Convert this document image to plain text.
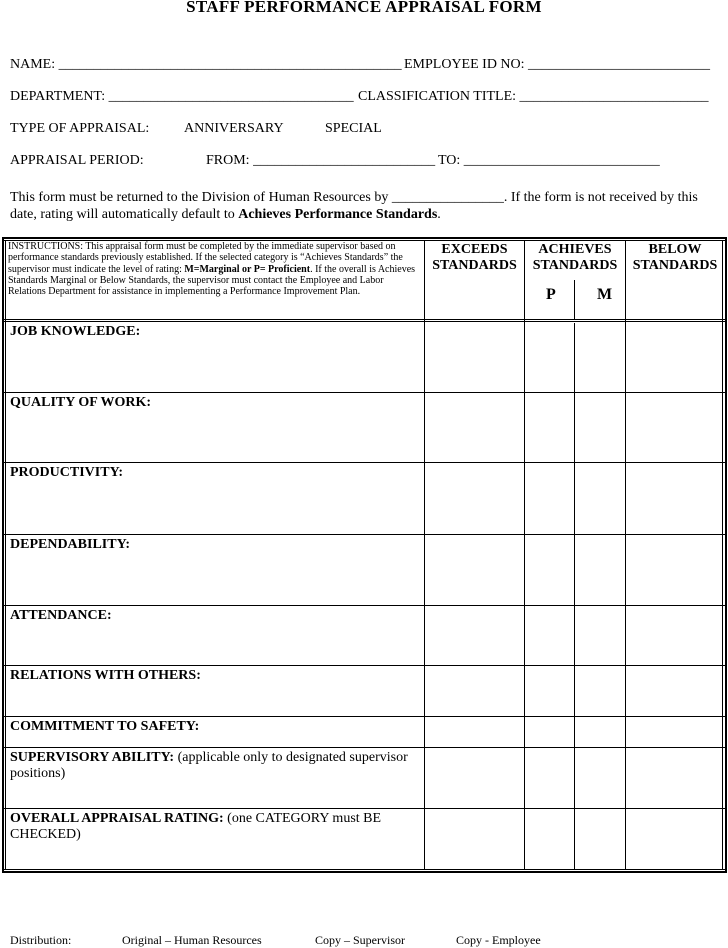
STAFF PERFORMANCE APPRAISAL FORM
NAME: _________________________________________________ EMPLOYEE ID NO: __________________________
DEPARTMENT: ___________________________________ CLASSIFICATION TITLE: ___________________________
TYPE OF APPRAISAL: ANNIVERSARY	SPECIAL
APPRAISAL PERIOD:	FROM: __________________________ TO: ____________________________
This form must be returned to the Division of Human Resources by ________________. If the form is not received by this date, rating will automatically default to Achieves Performance Standards.
INSTRUCTIONS: This appraisal form must be completed by the immediate supervisor based on performance standards previously established. If the selected category is “Achieves Standards” the supervisor must indicate the level of rating: M=Marginal or P= Proficient. If the overall is Achieves Standards Marginal or Below Standards, the supervisor must contact the Employee and Labor Relations Department for assistance in implementing a Performance Improvement Plan.
EXCEEDS STANDARDS
ACHIEVES STANDARDS
BELOW STANDARDS
P	M
JOB KNOWLEDGE:
QUALITY OF WORK:
PRODUCTIVITY:
DEPENDABILITY:
ATTENDANCE:
RELATIONS WITH OTHERS:
COMMITMENT TO SAFETY:
SUPERVISORY ABILITY: (applicable only to designated supervisor positions)
OVERALL APPRAISAL RATING: (one CATEGORY must BE CHECKED)
Distribution:	Original – Human Resources	Copy – Supervisor	Copy - Employee
